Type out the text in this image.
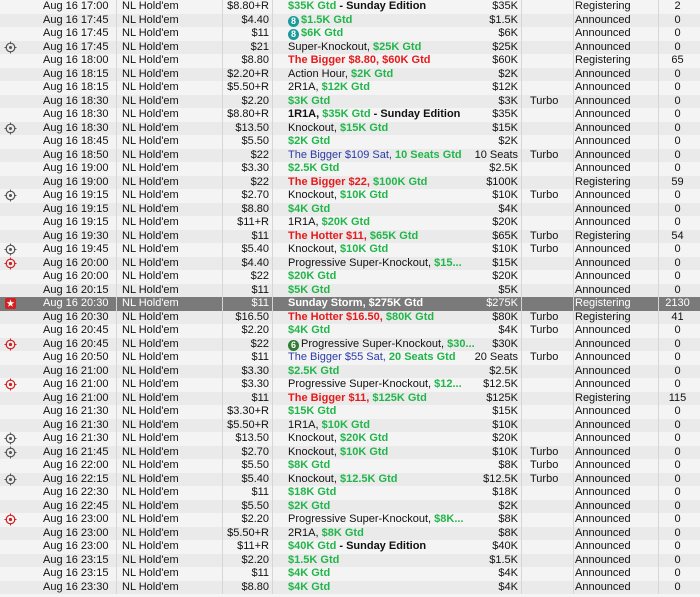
Aug 16 17:00	NL Hold'em	$8.80+R $35K Gtd - Sunday Edition	$35K	Registering	2
Aug 16 17:45	NL Hold'em	$4.40	8 $1.5K Gtd	$1.5K	Announced	0
Aug 16 17:45	NL Hold'em	$11	8 $6K Gtd	$6K	Announced	0
Aug 16 17:45	NL Hold'em	$21 Super-Knockout, $25K Gtd	$25K	Announced	0
Aug 16 18:00	NL Hold'em	$8.80 The Bigger $8.80, $60K Gtd	$60K	Registering	65
Aug 16 18:15	NL Hold'em	$2.20+R Action Hour, $2K Gtd	$2K	Announced	0
Aug 16 18:15	NL Hold'em	$5.50+R 2R1A, $12K Gtd	$12K	Announced	0
Aug 16 18:30	NL Hold'em	$2.20 $3K Gtd	$3K Turbo	Announced	0
Aug 16 18:30	NL Hold'em	$8.80+R 1R1A, $35K Gtd - Sunday Edition	$35K	Announced	0
Aug 16 18:30	NL Hold'em	$13.50 Knockout, $15K Gtd	$15K	Announced	0
Aug 16 18:45	NL Hold'em	$5.50 $2K Gtd	$2K	Announced	0
Aug 16 18:50	NL Hold'em	$22 The Bigger $109 Sat, 10 Seats Gtd	10 Seats Turbo	Announced	0
Aug 16 19:00	NL Hold'em	$3.30 $2.5K Gtd	$2.5K	Announced	0
Aug 16 19:00	NL Hold'em	$22 The Bigger $22, $100K Gtd	$100K	Registering	59
Aug 16 19:15	NL Hold'em	$2.70 Knockout, $10K Gtd	$10K Turbo	Announced	0
Aug 16 19:15	NL Hold'em	$8.80 $4K Gtd	$4K	Announced	0
Aug 16 19:15	NL Hold'em	$11+R 1R1A, $20K Gtd	$20K	Announced	0
Aug 16 19:30	NL Hold'em	$11 The Hotter $11, $65K Gtd	$65K Turbo	Registering	54
Aug 16 19:45	NL Hold'em	$5.40 Knockout, $10K Gtd	$10K Turbo	Announced	0
Aug 16 20:00	NL Hold'em	$4.40 Progressive Super-Knockout, $15...	$15K	Announced	0
Aug 16 20:00	NL Hold'em	$22 $20K Gtd	$20K	Announced	0
Aug 16 20:15	NL Hold'em	$11 $5K Gtd	$5K	Announced	0
Aug 16 20:30	NL Hold'em	$11 Sunday Storm, $275K Gtd	$275K	Registering	2130
Aug 16 20:30	NL Hold'em	$16.50 The Hotter $16.50, $80K Gtd	$80K Turbo	Registering	41
Aug 16 20:45	NL Hold'em	$2.20 $4K Gtd	$4K Turbo	Announced	0
Aug 16 20:45	NL Hold'em	$22	6 Progressive Super-Knockout, $30...	$30K	Announced	0
Aug 16 20:50	NL Hold'em	$11 The Bigger $55 Sat, 20 Seats Gtd	20 Seats Turbo	Announced	0
Aug 16 21:00	NL Hold'em	$3.30 $2.5K Gtd	$2.5K	Announced	0
Aug 16 21:00	NL Hold'em	$3.30 Progressive Super-Knockout, $12...	$12.5K	Announced	0
Aug 16 21:00	NL Hold'em	$11 The Bigger $11, $125K Gtd	$125K	Registering	115
Aug 16 21:30	NL Hold'em	$3.30+R $15K Gtd	$15K	Announced	0
Aug 16 21:30	NL Hold'em	$5.50+R 1R1A, $10K Gtd	$10K	Announced	0
Aug 16 21:30	NL Hold'em	$13.50 Knockout, $20K Gtd	$20K	Announced	0
Aug 16 21:45	NL Hold'em	$2.70 Knockout, $10K Gtd	$10K Turbo	Announced	0
Aug 16 22:00	NL Hold'em	$5.50 $8K Gtd	$8K Turbo	Announced	0
Aug 16 22:15	NL Hold'em	$5.40 Knockout, $12.5K Gtd	$12.5K Turbo	Announced	0
Aug 16 22:30	NL Hold'em	$11 $18K Gtd	$18K	Announced	0
Aug 16 22:45	NL Hold'em	$5.50 $2K Gtd	$2K	Announced	0
Aug 16 23:00	NL Hold'em	$2.20 Progressive Super-Knockout, $8K...	$8K	Announced	0
Aug 16 23:00	NL Hold'em	$5.50+R 2R1A, $8K Gtd	$8K	Announced	0
Aug 16 23:00	NL Hold'em	$11+R $40K Gtd - Sunday Edition	$40K	Announced	0
Aug 16 23:15	NL Hold'em	$2.20 $1.5K Gtd	$1.5K	Announced	0
Aug 16 23:15	NL Hold'em	$11 $4K Gtd	$4K	Announced	0
Aug 16 23:30	NL Hold'em	$8.80 $4K Gtd	$4K	Announced	0
